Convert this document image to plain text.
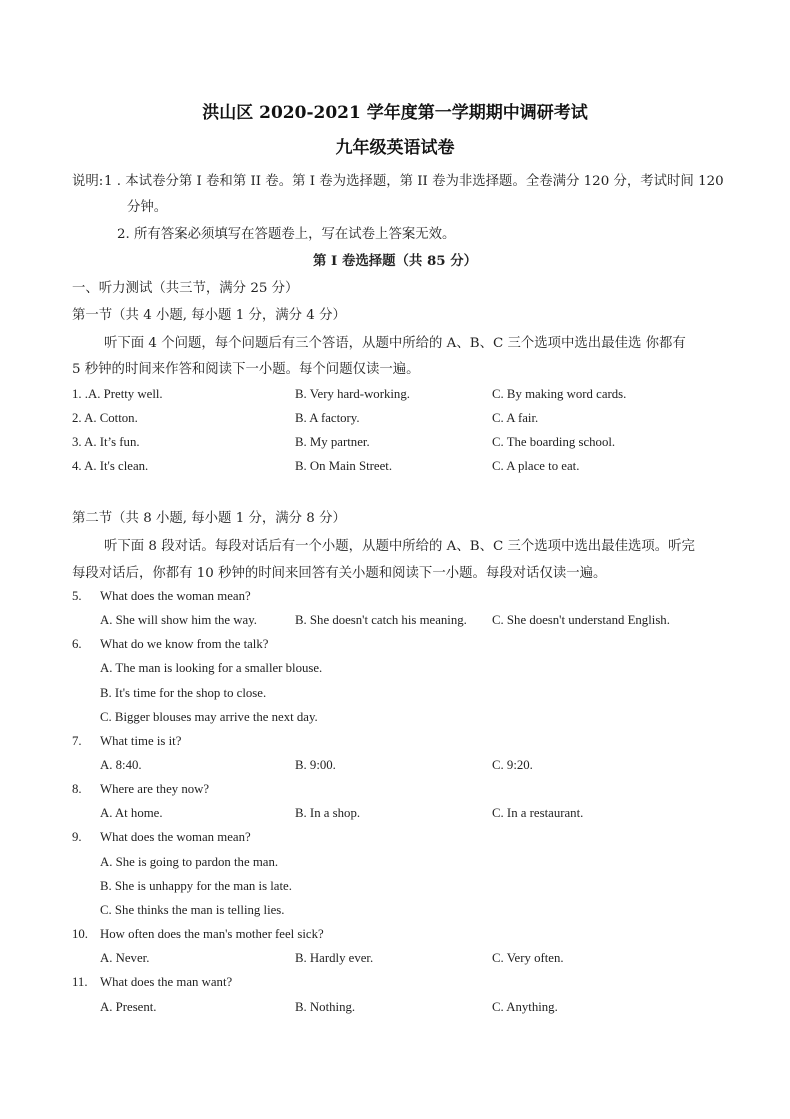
洪山区 2020-2021 学年度第一学期期中调研考试
九年级英语试卷
说明: 1 . 本试卷分第 I 卷和第 II 卷。第 I 卷为选择题，第 II 卷为非选择题。全卷满分 120 分，考试时间 120
分钟。
2. 所有答案必须填写在答题卷上，写在试卷上答案无效。
第 I 卷选择题（共 85 分）
一、听力测试（共三节，满分 25 分）
第一节（共 4 小题, 每小题 1 分，满分 4 分）
听下面 4 个问题，每个问题后有三个答语，从题中所给的 A、B、C 三个选项中选出最佳选 你都有
5 秒钟的时间来作答和阅读下一小题。每个问题仅读一遍。
1. .A. Pretty well.	B. Very hard-working.	C. By making word cards.
2. A. Cotton.	B. A factory.	C. A fair.
3. A. It’s fun.	B. My partner.	C. The boarding school.
4. A. It's clean.	B. On Main Street.	C. A place to eat.
第二节（共 8 小题, 每小题 1 分，满分 8 分）
听下面 8 段对话。每段对话后有一个小题，从题中所给的 A、B、C 三个选项中选出最佳选项。听完
每段对话后，你都有 10 秒钟的时间来回答有关小题和阅读下一小题。每段对话仅读一遍。
5. What does the woman mean?
A. She will show him the way.	B. She doesn't catch his meaning. C. She doesn't understand English.
6. What do we know from the talk?
A. The man is looking for a smaller blouse.
B. It's time for the shop to close.
C. Bigger blouses may arrive the next day.
7. What time is it?
A. 8:40.	B. 9:00.	C. 9:20.
8. Where are they now?
A. At home.	B. In a shop.	C. In a restaurant.
9. What does the woman mean?
A. She is going to pardon the man.
B. She is unhappy for the man is late.
C. She thinks the man is telling lies.
10. How often does the man's mother feel sick?
A. Never.	B. Hardly ever.	C. Very often.
11. What does the man want?
A. Present.	B. Nothing.	C. Anything.
